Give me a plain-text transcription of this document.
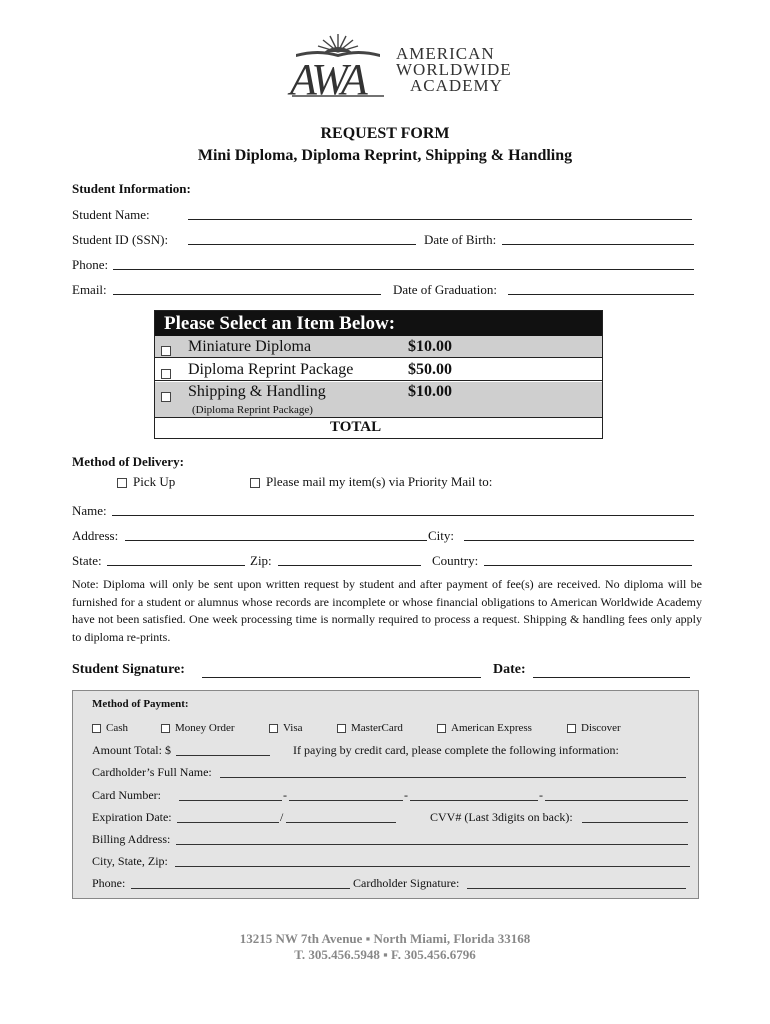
AWA
AMERICAN
WORLDWIDE
ACADEMY
REQUEST FORM
Mini Diploma, Diploma Reprint, Shipping & Handling
Student Information:
Student Name:
Student ID (SSN):	Date of Birth:
Phone:
Email:	Date of Graduation:
Please Select an Item Below:
Miniature Diploma	$10.00
Diploma Reprint Package	$50.00
Shipping & Handling	$10.00
(Diploma Reprint Package)
TOTAL
Method of Delivery:
Pick Up	Please mail my item(s) via Priority Mail to:
Name:
Address:	City:
State:	Zip:	Country:
Note: Diploma will only be sent upon written request by student and after payment of fee(s) are received. No diploma will be furnished for a student or alumnus whose records are incomplete or whose financial obligations to American Worldwide Academy have not been satisfied. One week processing time is normally required to process a request. Shipping & handling fees only apply to diploma re-prints.
Student Signature:	Date:
Method of Payment:
Cash	Money Order	Visa	MasterCard	American Express	Discover
Amount Total: $	If paying by credit card, please complete the following information:
Cardholder’s Full Name:
Card Number:	-	-	-
Expiration Date:	/	CVV# (Last 3digits on back):
Billing Address:
City, State, Zip:
Phone:	Cardholder Signature:
13215 NW 7th Avenue ▪ North Miami, Florida 33168
T. 305.456.5948 ▪ F. 305.456.6796
